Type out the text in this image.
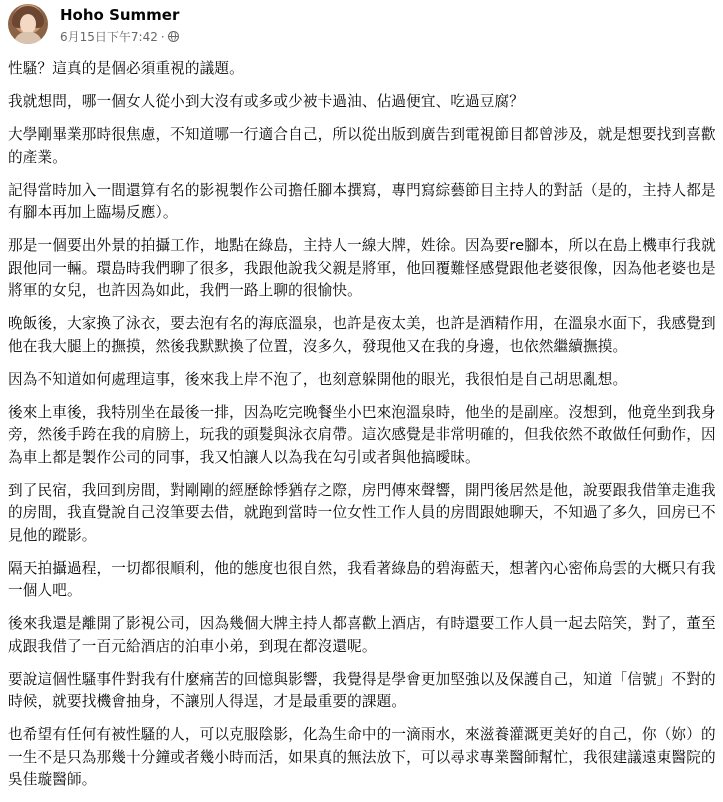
Hoho Summer
6月15日下午7:42 ·

性騷？這真的是個必須重視的議題。

我就想問，哪一個女人從小到大沒有或多或少被卡過油、佔過便宜、吃過豆腐？

大學剛畢業那時很焦慮，不知道哪一行適合自己，所以從出版到廣告到電視節目都曾涉及，就是想要找到喜歡的產業。

記得當時加入一間還算有名的影視製作公司擔任腳本撰寫，專門寫綜藝節目主持人的對話（是的，主持人都是有腳本再加上臨場反應）。

那是一個要出外景的拍攝工作，地點在綠島，主持人一線大牌，姓徐。因為要re腳本，所以在島上機車行我就跟他同一輛。環島時我們聊了很多，我跟他說我父親是將軍，他回覆難怪感覺跟他老婆很像，因為他老婆也是將軍的女兒，也許因為如此，我們一路上聊的很愉快。

晚飯後，大家換了泳衣，要去泡有名的海底溫泉，也許是夜太美，也許是酒精作用，在溫泉水面下，我感覺到他在我大腿上的撫摸，然後我默默換了位置，沒多久，發現他又在我的身邊，也依然繼續撫摸。

因為不知道如何處理這事，後來我上岸不泡了，也刻意躲開他的眼光，我很怕是自己胡思亂想。

後來上車後，我特別坐在最後一排，因為吃完晚餐坐小巴來泡溫泉時，他坐的是副座。沒想到，他竟坐到我身旁，然後手跨在我的肩膀上，玩我的頭髮與泳衣肩帶。這次感覺是非常明確的，但我依然不敢做任何動作，因為車上都是製作公司的同事，我又怕讓人以為我在勾引或者與他搞曖昧。

到了民宿，我回到房間，對剛剛的經歷餘悸猶存之際，房門傳來聲響，開門後居然是他，說要跟我借筆走進我的房間，我直覺說自己沒筆要去借，就跑到當時一位女性工作人員的房間跟她聊天，不知過了多久，回房已不見他的蹤影。

隔天拍攝過程，一切都很順利，他的態度也很自然，我看著綠島的碧海藍天，想著內心密佈烏雲的大概只有我一個人吧。

後來我還是離開了影視公司，因為幾個大牌主持人都喜歡上酒店，有時還要工作人員一起去陪笑，對了，董至成跟我借了一百元給酒店的泊車小弟，到現在都沒還呢。

要說這個性騷事件對我有什麼痛苦的回憶與影響，我覺得是學會更加堅強以及保護自己，知道「信號」不對的時候，就要找機會抽身，不讓別人得逞，才是最重要的課題。

也希望有任何有被性騷的人，可以克服陰影，化為生命中的一滴雨水，來滋養灌溉更美好的自己，你（妳）的一生不是只為那幾十分鐘或者幾小時而活，如果真的無法放下，可以尋求專業醫師幫忙，我很建議遠東醫院的吳佳璇醫師。
